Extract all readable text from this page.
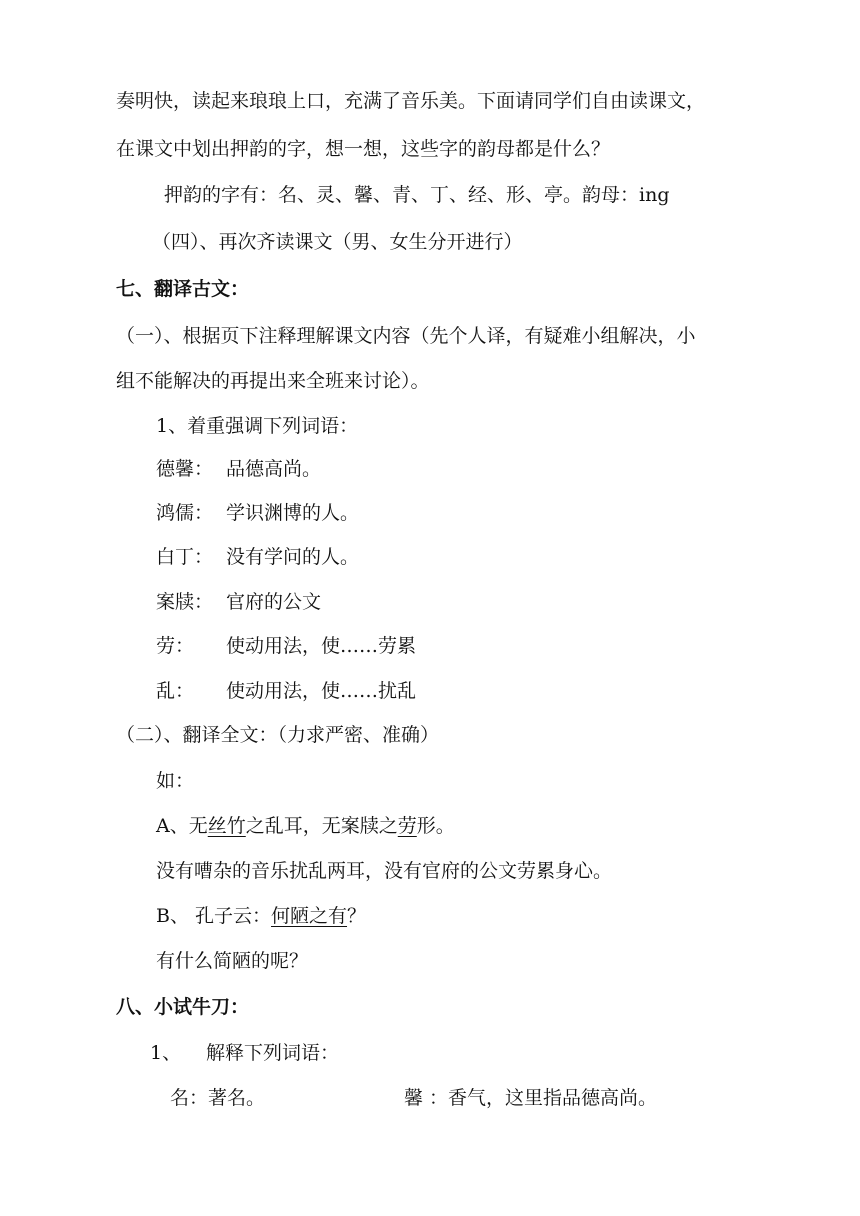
奏明快，读起来琅琅上口，充满了音乐美。下面请同学们自由读课文，
在课文中划出押韵的字，想一想，这些字的韵母都是什么？
押韵的字有：名、灵、馨、青、丁、经、形、亭。韵母：ing
（四）、再次齐读课文（男、女生分开进行）
七、翻译古文：
（一）、根据页下注释理解课文内容（先个人译，有疑难小组解决，小
组不能解决的再提出来全班来讨论）。
1、着重强调下列词语：
德馨： 品德高尚。
鸿儒： 学识渊博的人。
白丁： 没有学问的人。
案牍： 官府的公文
劳： 使动用法，使……劳累
乱： 使动用法，使……扰乱
（二）、翻译全文：（力求严密、准确）
如：
A、无丝竹之乱耳，无案牍之劳形。
没有嘈杂的音乐扰乱两耳，没有官府的公文劳累身心。
B、 孔子云：何陋之有？
有什么简陋的呢？
八、小试牛刀：
1、 解释下列词语：
名：著名。	馨 ：香气，这里指品德高尚。
